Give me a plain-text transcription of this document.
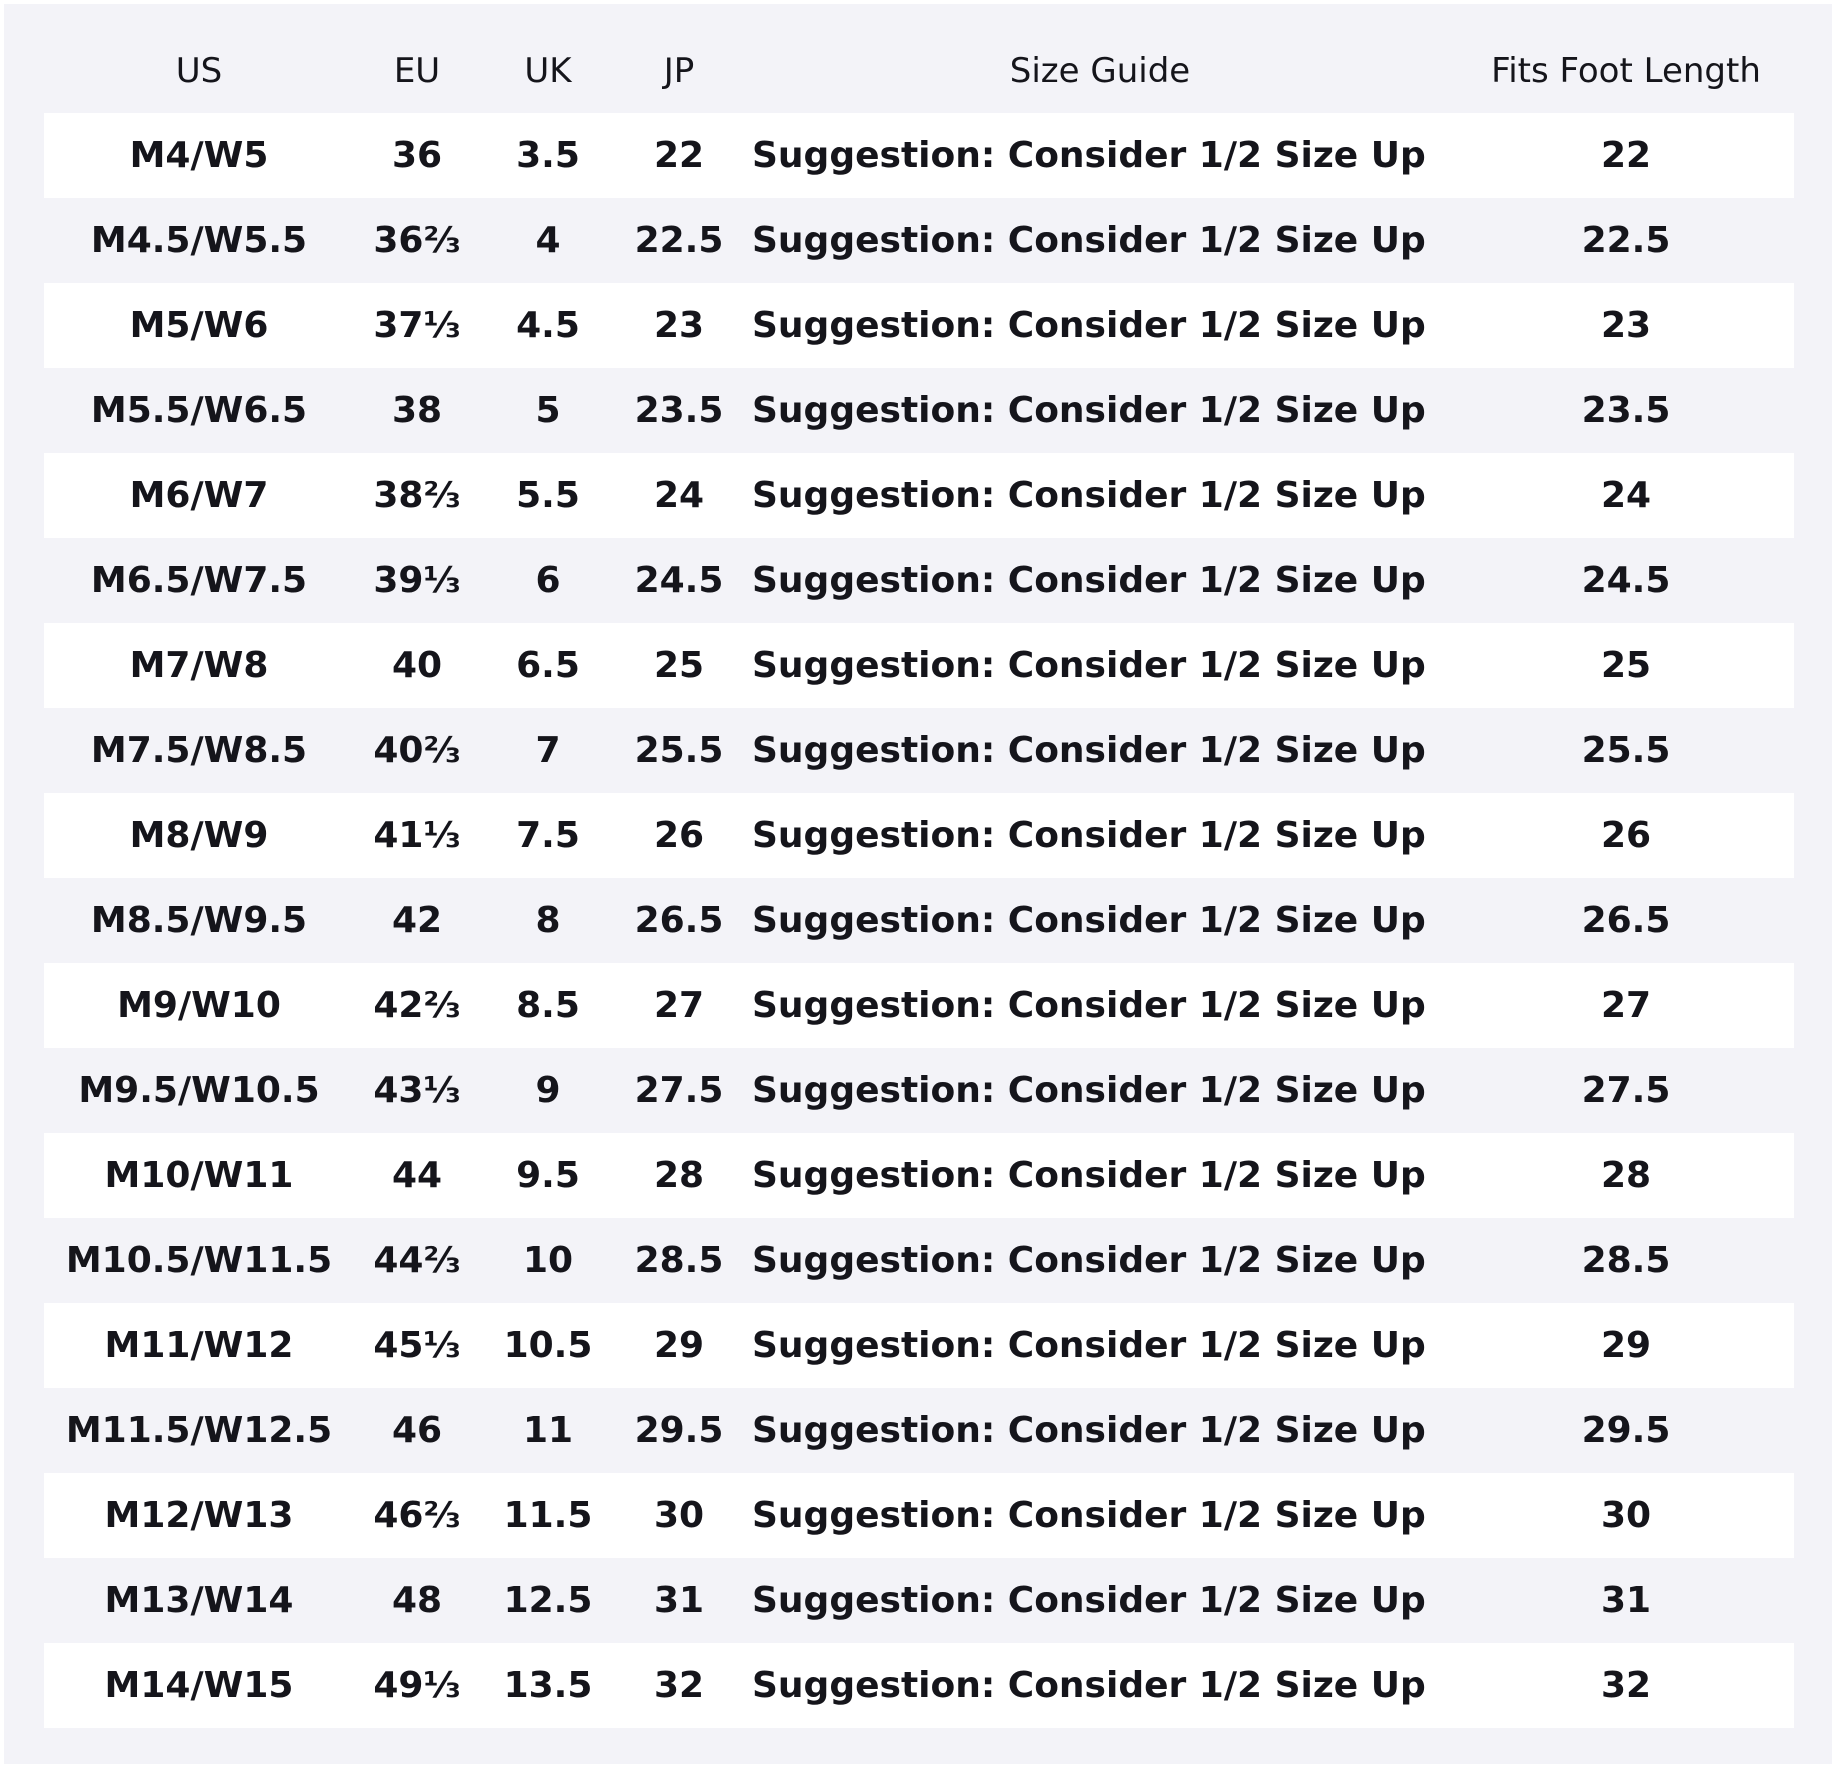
US	EU	UK	JP	Size Guide	Fits Foot Length
M4/W5	36	3.5	22	Suggestion: Consider 1/2 Size Up	22
M4.5/W5.5	36⅔	4	22.5	Suggestion: Consider 1/2 Size Up	22.5
M5/W6	37⅓	4.5	23	Suggestion: Consider 1/2 Size Up	23
M5.5/W6.5	38	5	23.5	Suggestion: Consider 1/2 Size Up	23.5
M6/W7	38⅔	5.5	24	Suggestion: Consider 1/2 Size Up	24
M6.5/W7.5	39⅓	6	24.5	Suggestion: Consider 1/2 Size Up	24.5
M7/W8	40	6.5	25	Suggestion: Consider 1/2 Size Up	25
M7.5/W8.5	40⅔	7	25.5	Suggestion: Consider 1/2 Size Up	25.5
M8/W9	41⅓	7.5	26	Suggestion: Consider 1/2 Size Up	26
M8.5/W9.5	42	8	26.5	Suggestion: Consider 1/2 Size Up	26.5
M9/W10	42⅔	8.5	27	Suggestion: Consider 1/2 Size Up	27
M9.5/W10.5	43⅓	9	27.5	Suggestion: Consider 1/2 Size Up	27.5
M10/W11	44	9.5	28	Suggestion: Consider 1/2 Size Up	28
M10.5/W11.5	44⅔	10	28.5	Suggestion: Consider 1/2 Size Up	28.5
M11/W12	45⅓	10.5	29	Suggestion: Consider 1/2 Size Up	29
M11.5/W12.5	46	11	29.5	Suggestion: Consider 1/2 Size Up	29.5
M12/W13	46⅔	11.5	30	Suggestion: Consider 1/2 Size Up	30
M13/W14	48	12.5	31	Suggestion: Consider 1/2 Size Up	31
M14/W15	49⅓	13.5	32	Suggestion: Consider 1/2 Size Up	32
